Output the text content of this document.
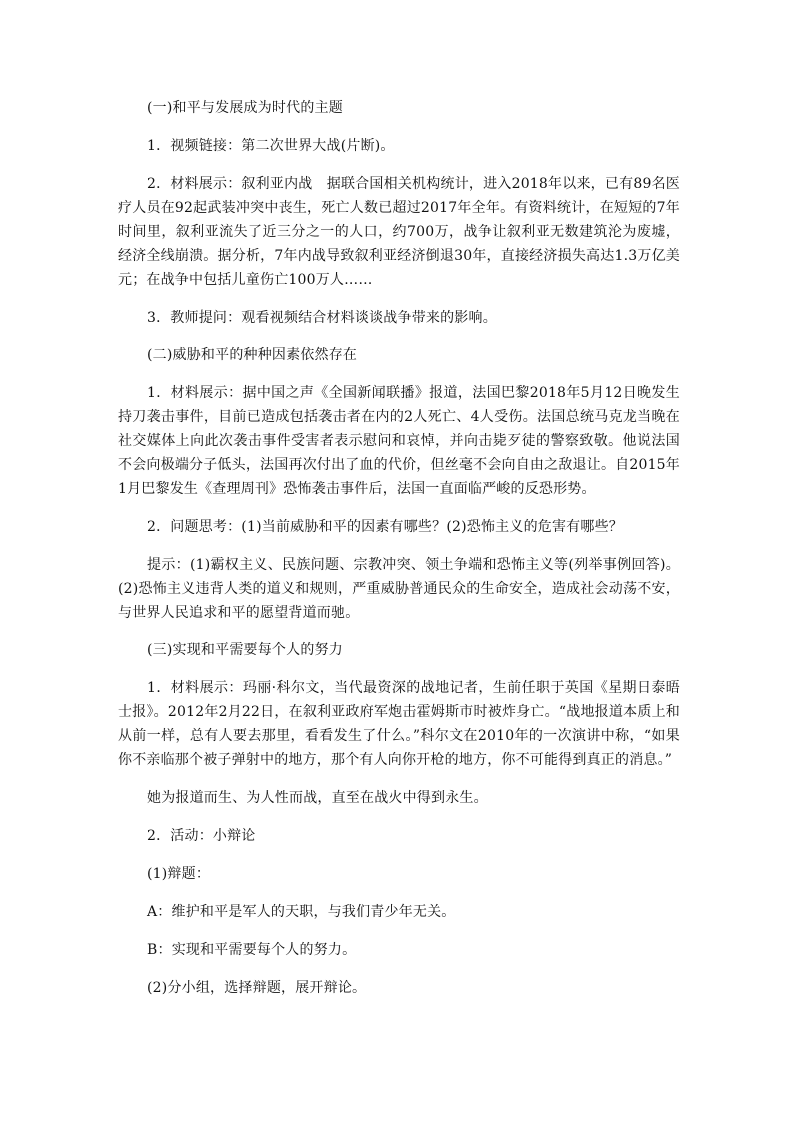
(一)和平与发展成为时代的主题

1．视频链接：第二次世界大战(片断)。

2．材料展示：叙利亚内战　据联合国相关机构统计，进入2018年以来，已有89名医疗人员在92起武装冲突中丧生，死亡人数已超过2017年全年。有资料统计，在短短的7年时间里，叙利亚流失了近三分之一的人口，约700万，战争让叙利亚无数建筑沦为废墟，经济全线崩溃。据分析，7年内战导致叙利亚经济倒退30年，直接经济损失高达1.3万亿美元；在战争中包括儿童伤亡100万人……

3．教师提问：观看视频结合材料谈谈战争带来的影响。

(二)威胁和平的种种因素依然存在

1．材料展示：据中国之声《全国新闻联播》报道，法国巴黎2018年5月12日晚发生持刀袭击事件，目前已造成包括袭击者在内的2人死亡、4人受伤。法国总统马克龙当晚在社交媒体上向此次袭击事件受害者表示慰问和哀悼，并向击毙歹徒的警察致敬。他说法国不会向极端分子低头，法国再次付出了血的代价，但丝毫不会向自由之敌退让。自2015年1月巴黎发生《查理周刊》恐怖袭击事件后，法国一直面临严峻的反恐形势。

2．问题思考：(1)当前威胁和平的因素有哪些？(2)恐怖主义的危害有哪些？

提示：(1)霸权主义、民族问题、宗教冲突、领土争端和恐怖主义等(列举事例回答)。(2)恐怖主义违背人类的道义和规则，严重威胁普通民众的生命安全，造成社会动荡不安，与世界人民追求和平的愿望背道而驰。

(三)实现和平需要每个人的努力

1．材料展示：玛丽·科尔文，当代最资深的战地记者，生前任职于英国《星期日泰晤士报》。2012年2月22日，在叙利亚政府军炮击霍姆斯市时被炸身亡。“战地报道本质上和从前一样，总有人要去那里，看看发生了什么。”科尔文在2010年的一次演讲中称，“如果你不亲临那个被子弹射中的地方，那个有人向你开枪的地方，你不可能得到真正的消息。”

她为报道而生、为人性而战，直至在战火中得到永生。

2．活动：小辩论

(1)辩题：

A：维护和平是军人的天职，与我们青少年无关。

B：实现和平需要每个人的努力。

(2)分小组，选择辩题，展开辩论。
